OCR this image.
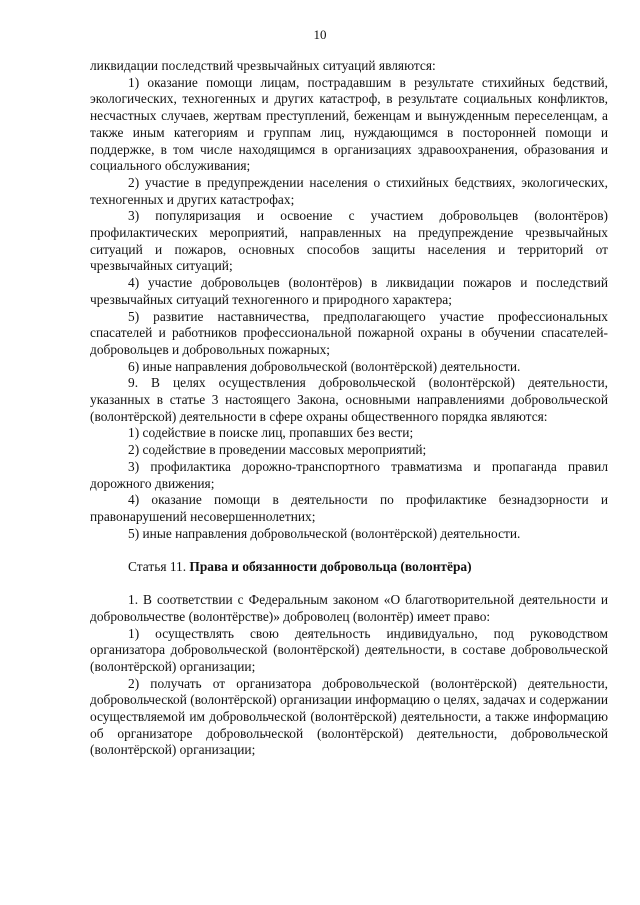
10

ликвидации последствий чрезвычайных ситуаций являются:

1) оказание помощи лицам, пострадавшим в результате стихийных бедствий, экологических, техногенных и других катастроф, в результате социальных конфликтов, несчастных случаев, жертвам преступлений, беженцам и вынужденным переселенцам, а также иным категориям и группам лиц, нуждающимся в посторонней помощи и поддержке, в том числе находящимся в организациях здравоохранения, образования и социального обслуживания;

2) участие в предупреждении населения о стихийных бедствиях, экологических, техногенных и других катастрофах;

3) популяризация и освоение с участием добровольцев (волонтёров) профилактических мероприятий, направленных на предупреждение чрезвычайных ситуаций и пожаров, основных способов защиты населения и территорий от чрезвычайных ситуаций;

4) участие добровольцев (волонтёров) в ликвидации пожаров и последствий чрезвычайных ситуаций техногенного и природного характера;

5) развитие наставничества, предполагающего участие профессиональных спасателей и работников профессиональной пожарной охраны в обучении спасателей-добровольцев и добровольных пожарных;

6) иные направления добровольческой (волонтёрской) деятельности.

9. В целях осуществления добровольческой (волонтёрской) деятельности, указанных в статье 3 настоящего Закона, основными направлениями добровольческой (волонтёрской) деятельности в сфере охраны общественного порядка являются:

1) содействие в поиске лиц, пропавших без вести;

2) содействие в проведении массовых мероприятий;

3) профилактика дорожно-транспортного травматизма и пропаганда правил дорожного движения;

4) оказание помощи в деятельности по профилактике безнадзорности и правонарушений несовершеннолетних;

5) иные направления добровольческой (волонтёрской) деятельности.

Статья 11. Права и обязанности добровольца (волонтёра)

1. В соответствии с Федеральным законом «О благотворительной деятельности и добровольчестве (волонтёрстве)» доброволец (волонтёр) имеет право:

1) осуществлять свою деятельность индивидуально, под руководством организатора добровольческой (волонтёрской) деятельности, в составе добровольческой (волонтёрской) организации;

2) получать от организатора добровольческой (волонтёрской) деятельности, добровольческой (волонтёрской) организации информацию о целях, задачах и содержании осуществляемой им добровольческой (волонтёрской) деятельности, а также информацию об организаторе добровольческой (волонтёрской) деятельности, добровольческой (волонтёрской) организации;
